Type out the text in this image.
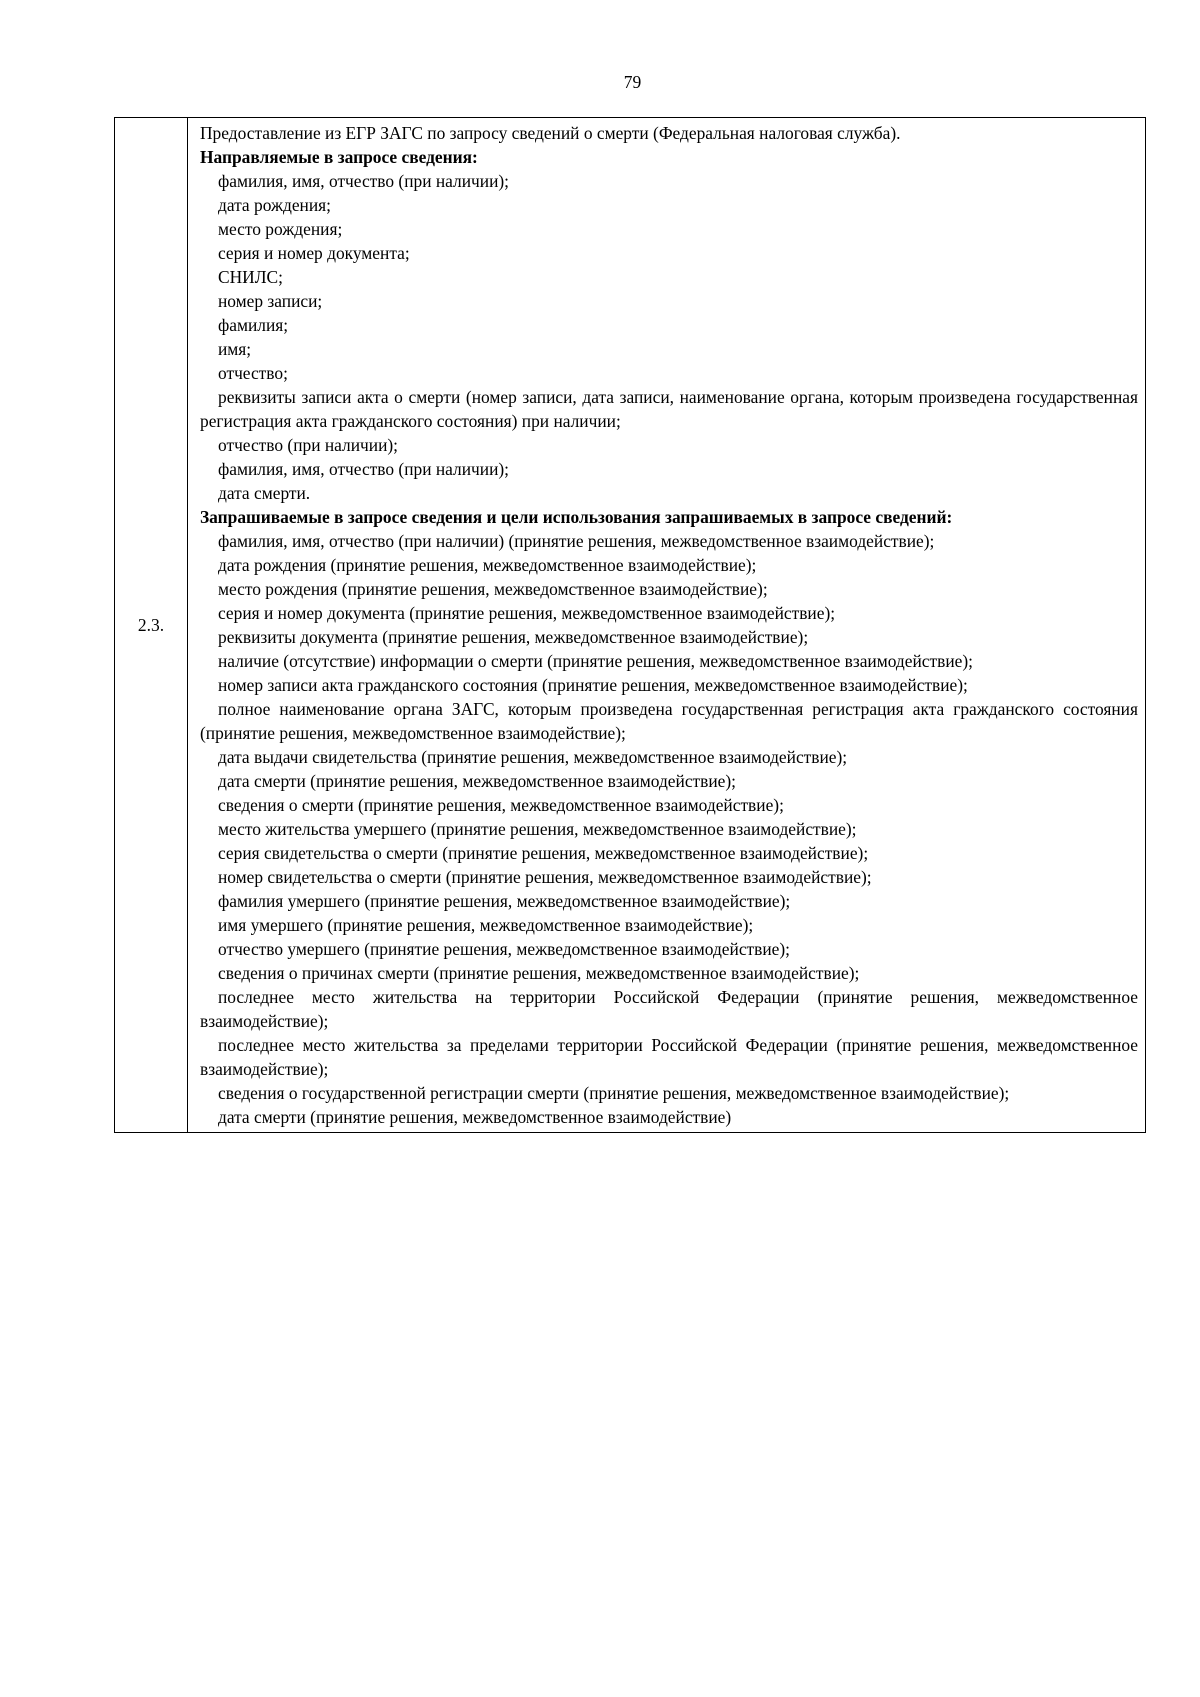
79
2.3.	

Предоставление из ЕГР ЗАГС по запросу сведений о смерти (Федеральная налоговая служба).

Направляемые в запросе сведения:

фамилия, имя, отчество (при наличии);

дата рождения;

место рождения;

серия и номер документа;

СНИЛС;

номер записи;

фамилия;

имя;

отчество;

реквизиты записи акта о смерти (номер записи, дата записи, наименование органа, которым произведена государственная регистрация акта гражданского состояния) при наличии;

отчество (при наличии);

фамилия, имя, отчество (при наличии);

дата смерти.

Запрашиваемые в запросе сведения и цели использования запрашиваемых в запросе сведений:

фамилия, имя, отчество (при наличии) (принятие решения, межведомственное взаимодействие);

дата рождения (принятие решения, межведомственное взаимодействие);

место рождения (принятие решения, межведомственное взаимодействие);

серия и номер документа (принятие решения, межведомственное взаимодействие);

реквизиты документа (принятие решения, межведомственное взаимодействие);

наличие (отсутствие) информации о смерти (принятие решения, межведомственное взаимодействие);

номер записи акта гражданского состояния (принятие решения, межведомственное взаимодействие);

полное наименование органа ЗАГС, которым произведена государственная регистрация акта гражданского состояния (принятие решения, межведомственное взаимодействие);

дата выдачи свидетельства (принятие решения, межведомственное взаимодействие);

дата смерти (принятие решения, межведомственное взаимодействие);

сведения о смерти (принятие решения, межведомственное взаимодействие);

место жительства умершего (принятие решения, межведомственное взаимодействие);

серия свидетельства о смерти (принятие решения, межведомственное взаимодействие);

номер свидетельства о смерти (принятие решения, межведомственное взаимодействие);

фамилия умершего (принятие решения, межведомственное взаимодействие);

имя умершего (принятие решения, межведомственное взаимодействие);

отчество умершего (принятие решения, межведомственное взаимодействие);

сведения о причинах смерти (принятие решения, межведомственное взаимодействие);

последнее место жительства на территории Российской Федерации (принятие решения, межведомственное взаимодействие);

последнее место жительства за пределами территории Российской Федерации (принятие решения, межведомственное взаимодействие);

сведения о государственной регистрации смерти (принятие решения, межведомственное взаимодействие);

дата смерти (принятие решения, межведомственное взаимодействие)
